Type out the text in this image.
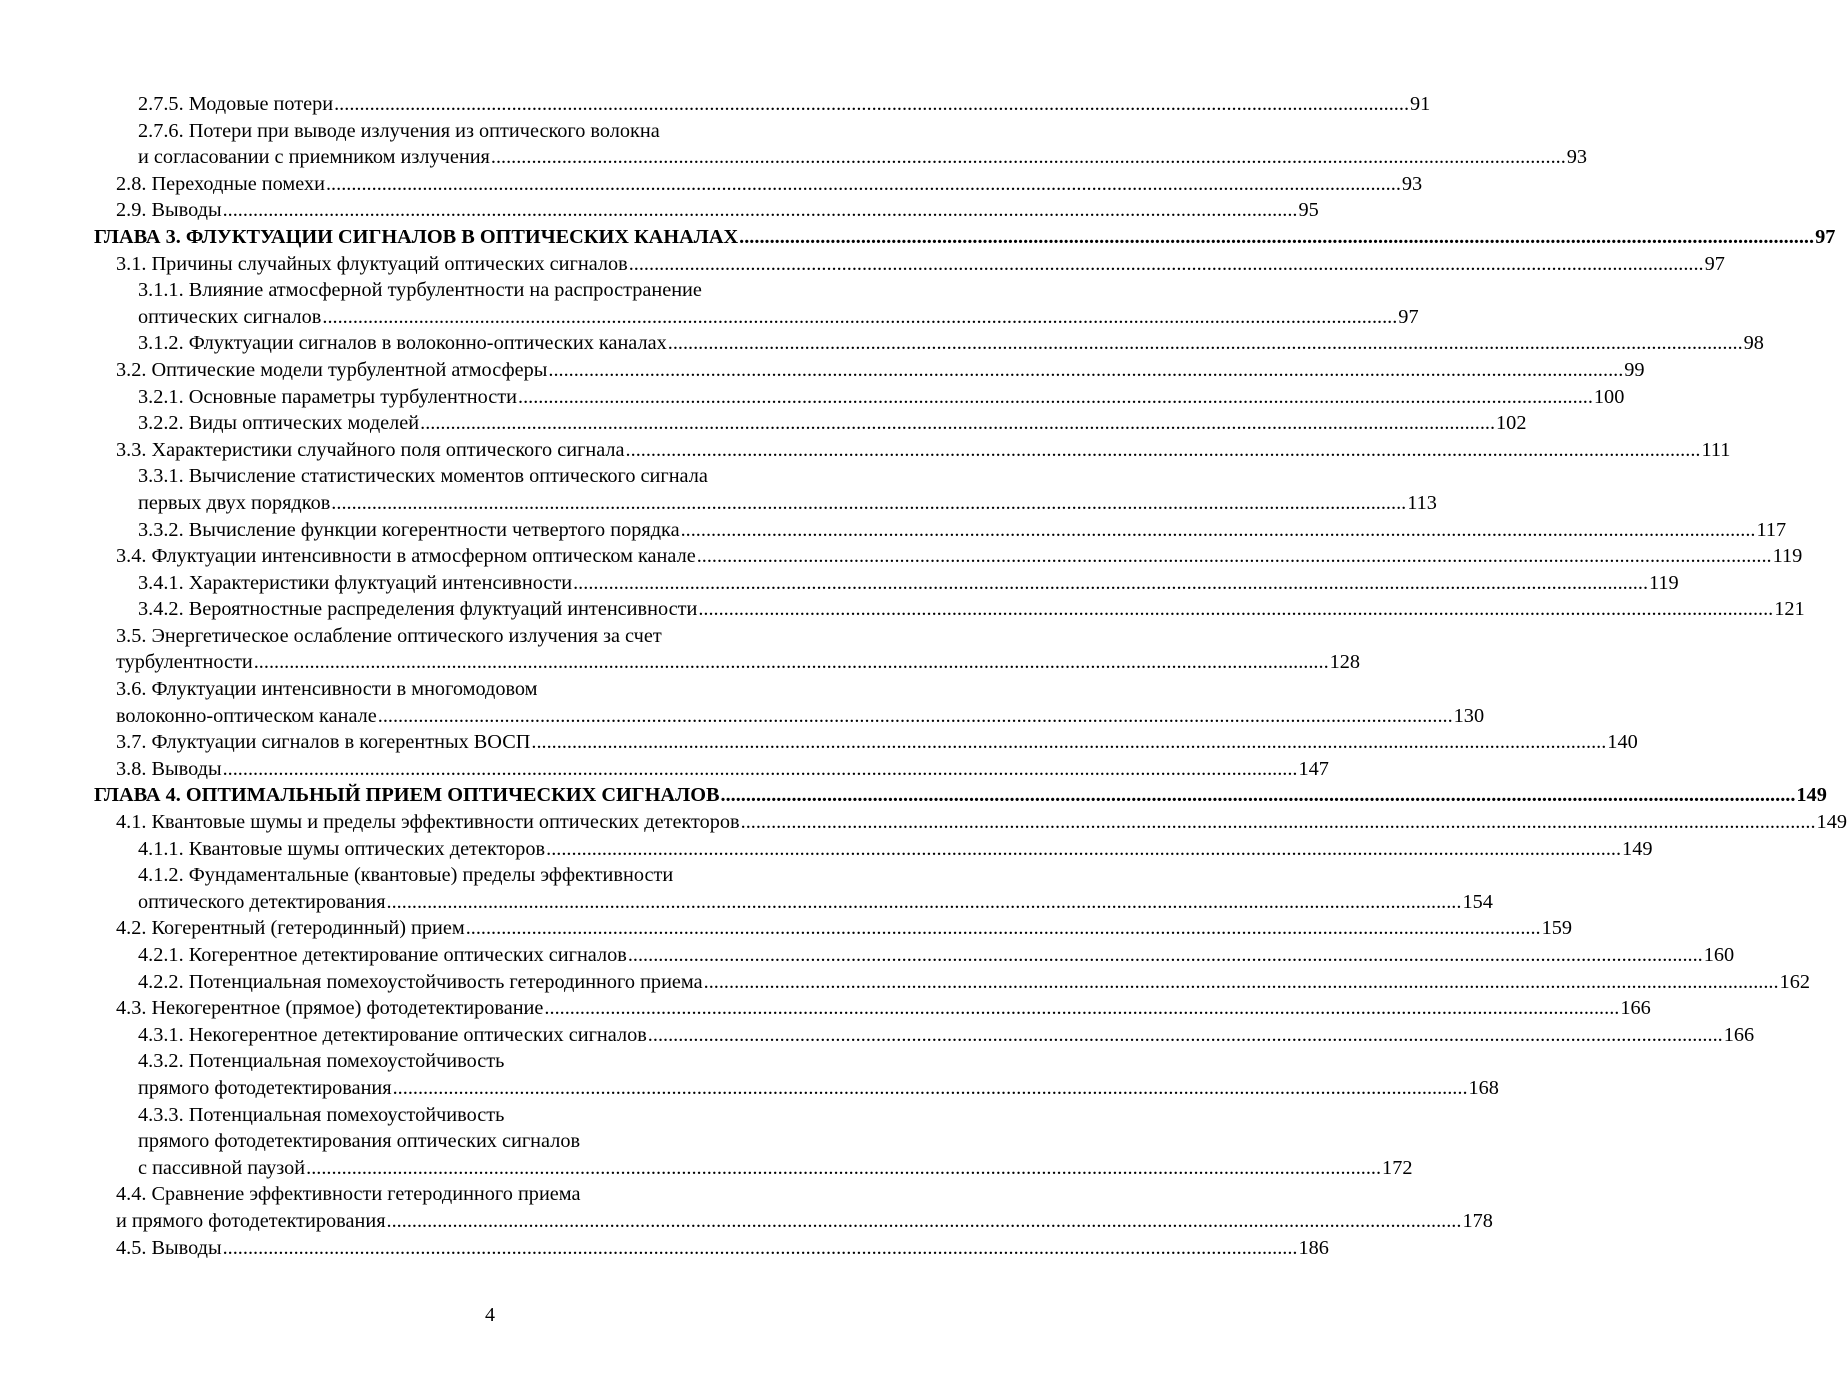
2.7.5. Модовые потери .................................................................................................................................................................................................................... 91
2.7.6. Потери при выводе излучения из оптического волокна
и согласовании с приемником излучения .................................................................................................................................................................................................................... 93
2.8. Переходные помехи .................................................................................................................................................................................................................... 93
2.9. Выводы .................................................................................................................................................................................................................... 95
ГЛАВА 3. ФЛУКТУАЦИИ СИГНАЛОВ В ОПТИЧЕСКИХ КАНАЛАХ .................................................................................................................................................................................................................... 97
3.1. Причины случайных флуктуаций оптических сигналов .................................................................................................................................................................................................................... 97
3.1.1. Влияние атмосферной турбулентности на распространение
оптических сигналов .................................................................................................................................................................................................................... 97
3.1.2. Флуктуации сигналов в волоконно-оптических каналах .................................................................................................................................................................................................................... 98
3.2. Оптические модели турбулентной атмосферы .................................................................................................................................................................................................................... 99
3.2.1. Основные параметры турбулентности .................................................................................................................................................................................................................... 100
3.2.2. Виды оптических моделей .................................................................................................................................................................................................................... 102
3.3. Характеристики случайного поля оптического сигнала .................................................................................................................................................................................................................... 111
3.3.1. Вычисление статистических моментов оптического сигнала
первых двух порядков .................................................................................................................................................................................................................... 113
3.3.2. Вычисление функции когерентности четвертого порядка .................................................................................................................................................................................................................... 117
3.4. Флуктуации интенсивности в атмосферном оптическом канале .................................................................................................................................................................................................................... 119
3.4.1. Характеристики флуктуаций интенсивности .................................................................................................................................................................................................................... 119
3.4.2. Вероятностные распределения флуктуаций интенсивности .................................................................................................................................................................................................................... 121
3.5. Энергетическое ослабление оптического излучения за счет
турбулентности .................................................................................................................................................................................................................... 128
3.6. Флуктуации интенсивности в многомодовом
волоконно-оптическом канале .................................................................................................................................................................................................................... 130
3.7. Флуктуации сигналов в когерентных ВОСП .................................................................................................................................................................................................................... 140
3.8. Выводы .................................................................................................................................................................................................................... 147
ГЛАВА 4. ОПТИМАЛЬНЫЙ ПРИЕМ ОПТИЧЕСКИХ СИГНАЛОВ .................................................................................................................................................................................................................... 149
4.1. Квантовые шумы и пределы эффективности оптических детекторов .................................................................................................................................................................................................................... 149
4.1.1. Квантовые шумы оптических детекторов .................................................................................................................................................................................................................... 149
4.1.2. Фундаментальные (квантовые) пределы эффективности
оптического детектирования .................................................................................................................................................................................................................... 154
4.2. Когерентный (гетеродинный) прием .................................................................................................................................................................................................................... 159
4.2.1. Когерентное детектирование оптических сигналов .................................................................................................................................................................................................................... 160
4.2.2. Потенциальная помехоустойчивость гетеродинного приема .................................................................................................................................................................................................................... 162
4.3. Некогерентное (прямое) фотодетектирование .................................................................................................................................................................................................................... 166
4.3.1. Некогерентное детектирование оптических сигналов .................................................................................................................................................................................................................... 166
4.3.2. Потенциальная помехоустойчивость
прямого фотодетектирования .................................................................................................................................................................................................................... 168
4.3.3. Потенциальная помехоустойчивость
прямого фотодетектирования оптических сигналов
с пассивной паузой .................................................................................................................................................................................................................... 172
4.4. Сравнение эффективности гетеродинного приема
и прямого фотодетектирования .................................................................................................................................................................................................................... 178
4.5. Выводы .................................................................................................................................................................................................................... 186
4
